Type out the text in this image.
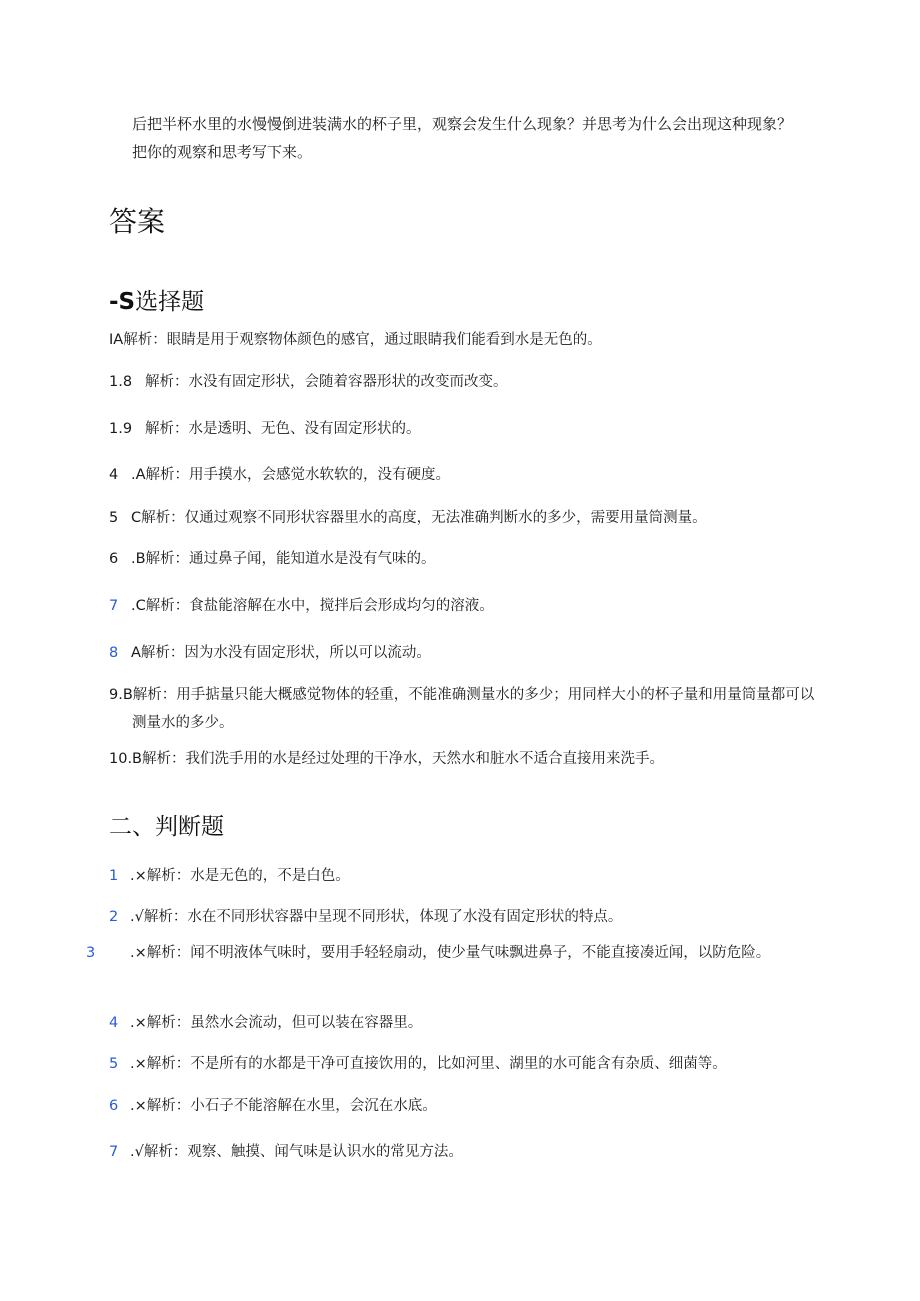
后把半杯水里的水慢慢倒进装满水的杯子里，观察会发生什么现象？并思考为什么会出现这种现象？把你的观察和思考写下来。

答案
-S选择题

IA解析：眼睛是用于观察物体颜色的感官，通过眼睛我们能看到水是无色的。

1.8 解析：水没有固定形状，会随着容器形状的改变而改变。

1.9 解析：水是透明、无色、没有固定形状的。

4 .A解析：用手摸水，会感觉水软软的，没有硬度。

5 C解析：仅通过观察不同形状容器里水的高度，无法准确判断水的多少，需要用量筒测量。

6 .B解析：通过鼻子闻，能知道水是没有气味的。

7 .C解析：食盐能溶解在水中，搅拌后会形成均匀的溶液。

8 A解析：因为水没有固定形状，所以可以流动。

9.B解析：用手掂量只能大概感觉物体的轻重，不能准确测量水的多少；用同样大小的杯子量和用量筒量都可以测量水的多少。

10.B解析：我们洗手用的水是经过处理的干净水，天然水和脏水不适合直接用来洗手。

二、判断题

1 .×解析：水是无色的，不是白色。

2 .√解析：水在不同形状容器中呈现不同形状，体现了水没有固定形状的特点。

3 .×解析：闻不明液体气味时，要用手轻轻扇动，使少量气味飘进鼻子，不能直接凑近闻，以防危险。

4 .×解析：虽然水会流动，但可以装在容器里。

5 .×解析：不是所有的水都是干净可直接饮用的，比如河里、湖里的水可能含有杂质、细菌等。

6 .×解析：小石子不能溶解在水里，会沉在水底。

7 .√解析：观察、触摸、闻气味是认识水的常见方法。
